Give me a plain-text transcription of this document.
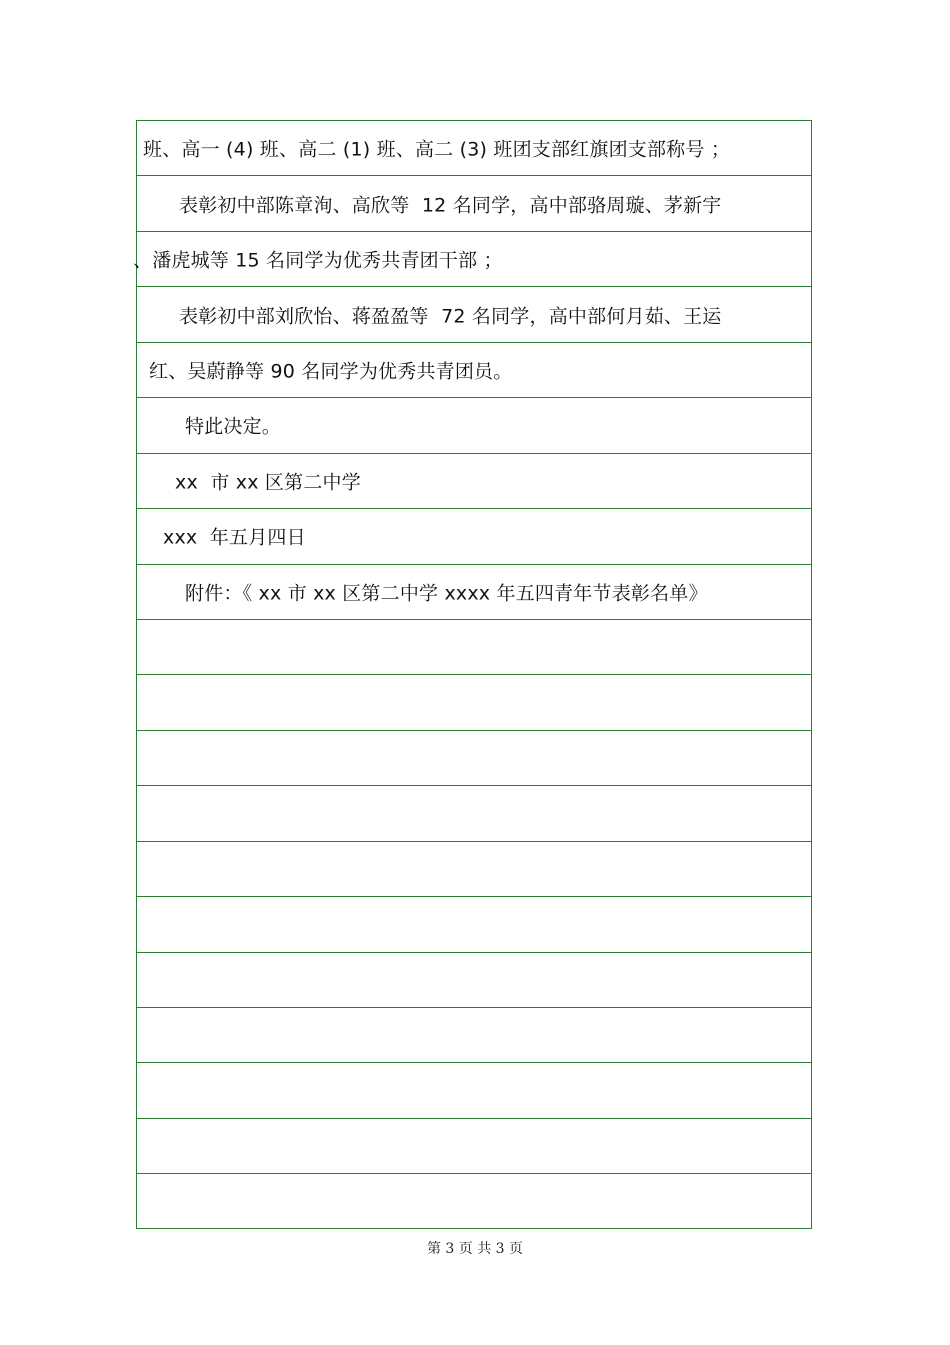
班、高一 (4) 班、高二 (1) 班、高二 (3) 班团支部红旗团支部称号 ；
表彰初中部陈章洵、高欣等  12 名同学，高中部骆周璇、茅新宇
、潘虎城等 15 名同学为优秀共青团干部 ；
表彰初中部刘欣怡、蒋盈盈等  72 名同学，高中部何月茹、王运
红、吴蔚静等 90 名同学为优秀共青团员。
特此决定。
xx  市 xx 区第二中学
xxx  年五月四日
附件：《 xx 市 xx 区第二中学 xxxx 年五四青年节表彰名单》
第 3 页 共 3 页
